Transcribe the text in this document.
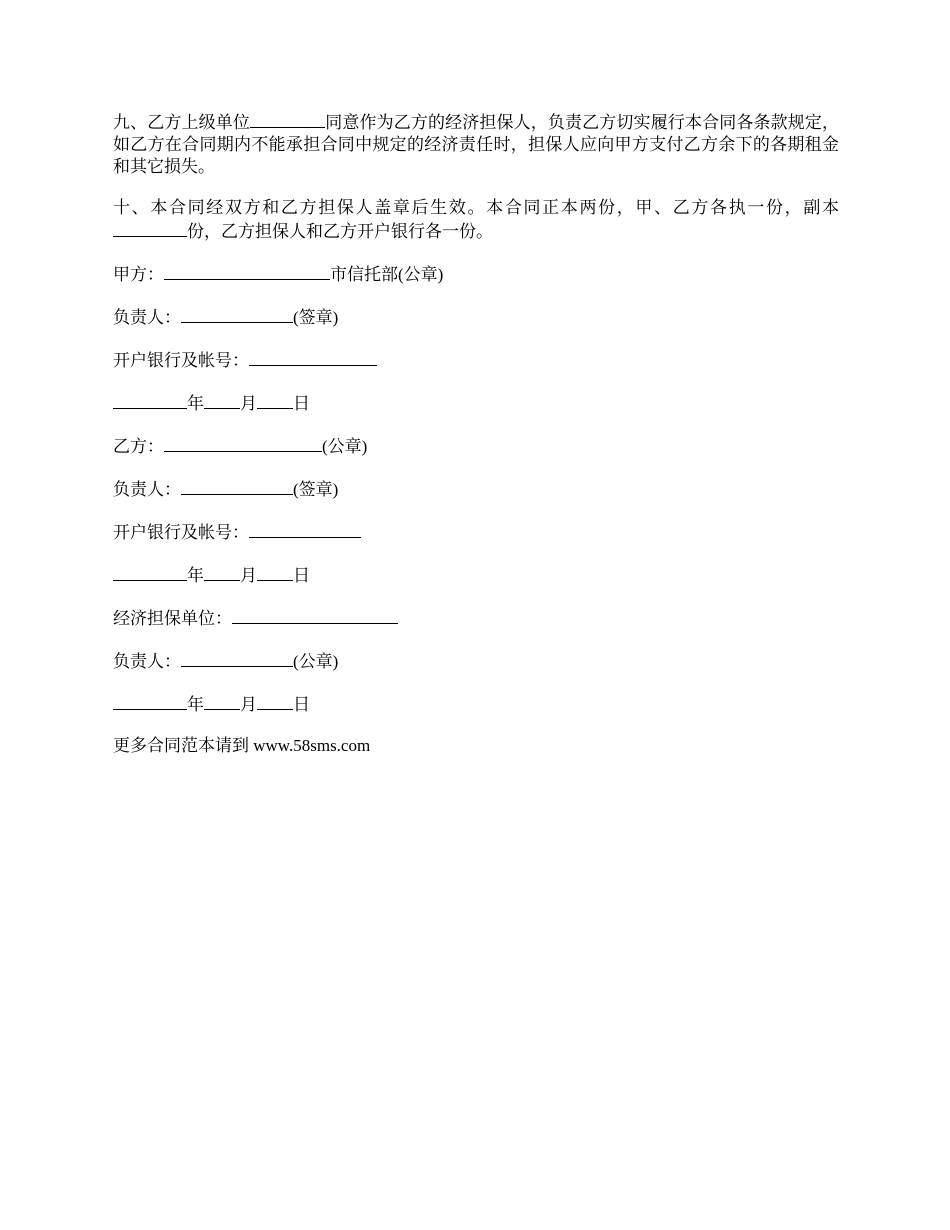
九、乙方上级单位	同意作为乙方的经济担保人，负责乙方切实履行本合同各条款规定，如乙方在合同期内不能承担合同中规定的经济责任时，担保人应向甲方支付乙方余下的各期租金和其它损失。

十、本合同经双方和乙方担保人盖章后生效。本合同正本两份，甲、乙方各执一份，副本份，乙方担保人和乙方开户银行各一份。

甲方：	市信托部(公章)
负责人：	(签章)
开户银行及帐号：
年 月 日
乙方：	(公章)
负责人：	(签章)
开户银行及帐号：
年 月 日
经济担保单位：
负责人：	(公章)
年 月 日
更多合同范本请到 www.58sms.com
